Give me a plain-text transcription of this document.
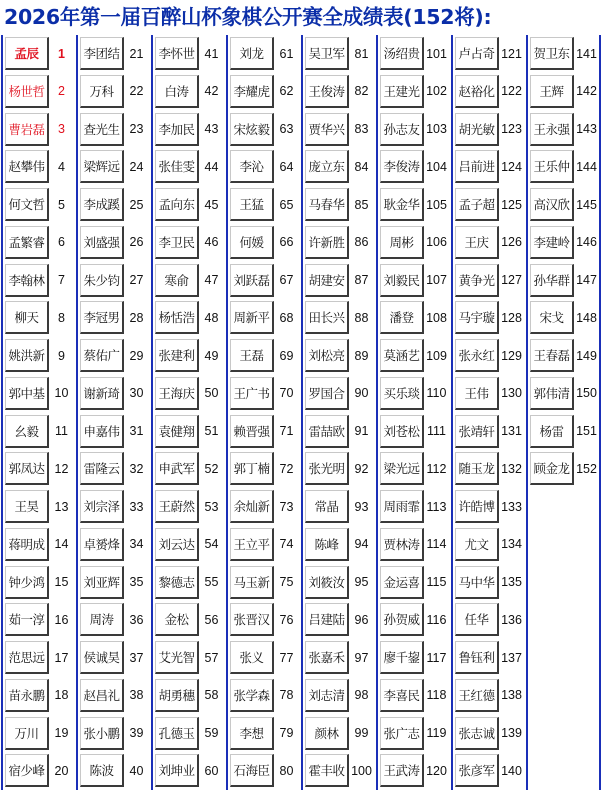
2026年第一届百醉山杯象棋公开赛全成绩表(152将):
孟辰	1
杨世哲	2
曹岩磊	3
赵攀伟	4
何文哲	5
孟繁睿	6
李翰林	7
柳天	8
姚洪新	9
郭中基 10
幺毅	11
郭凤达 12
王昊	13
蒋明成 14
钟少鸿 15
茹一淳 16
范思远 17
苗永鹏 18
万川	19
宿少峰 20
李团结 21
万科	22
查光生 23
梁辉远 24
李成蹊 25
刘盛强 26
朱少钧 27
李冠男 28
蔡佑广 29
谢新琦 30
申嘉伟 31
雷隆云 32
刘宗泽 33
卓赟烽 34
刘亚辉 35
周涛	36
侯诚昊 37
赵昌礼 38
张小鹏 39
陈波	40
李怀世 41
白涛	42
李加民 43
张佳雯 44
孟向东 45
李卫民 46
寒俞	47
杨恬浩 48
张建利 49
王海庆 50
袁健翔 51
申武军 52
王蔚然 53
刘云达 54
黎德志 55
金松	56
艾光智 57
胡勇穗 58
孔德玉 59
刘坤业 60
刘龙	61
李耀虎 62
宋炫毅 63
李沁	64
王猛	65
何媛	66
刘跃磊 67
周新平 68
王磊	69
王广书 70
赖晋强 71
郭丁楠 72
余灿新 73
王立平 74
马玉新 75
张晋汉 76
张义	77
张学森 78
李想	79
石海臣 80
吴卫军 81
王俊涛 82
贾华兴 83
庞立东 84
马春华 85
许新胜 86
胡建安 87
田长兴 88
刘松亮 89
罗国合 90
雷喆欧 91
张光明 92
常晶	93
陈峰	94
刘筱汝 95
吕建陆 96
张嘉禾 97
刘志清 98
颜林	99
霍丰收 100
汤绍贵 101
王建光 102
孙志友 103
李俊涛 104
耿金华 105
周彬	106
刘毅民 107
潘登	108
莫涵艺 109
买乐琰 110
刘苍松 111
梁光远 112
周雨霏 113
贾林涛 114
金运喜 115
孙贺威 116
廖千鋆 117
李喜民 118
张广志 119
王武涛 120
卢占奇 121
赵裕化 122
胡光敏 123
吕前进 124
孟子超 125
王庆	126
黄争光 127
马宇璇 128
张永红 129
王伟	130
张靖轩 131
随玉龙 132
许皓博 133
尤文	134
马中华 135
任华	136
鲁钰利 137
王红德 138
张志诚 139
张彦军 140
贺卫东 141
王辉	142
王永强 143
王乐仲 144
高汉欣 145
李建岭 146
孙华群 147
宋戈	148
王春磊 149
郭伟清 150
杨雷	151
顾金龙 152
